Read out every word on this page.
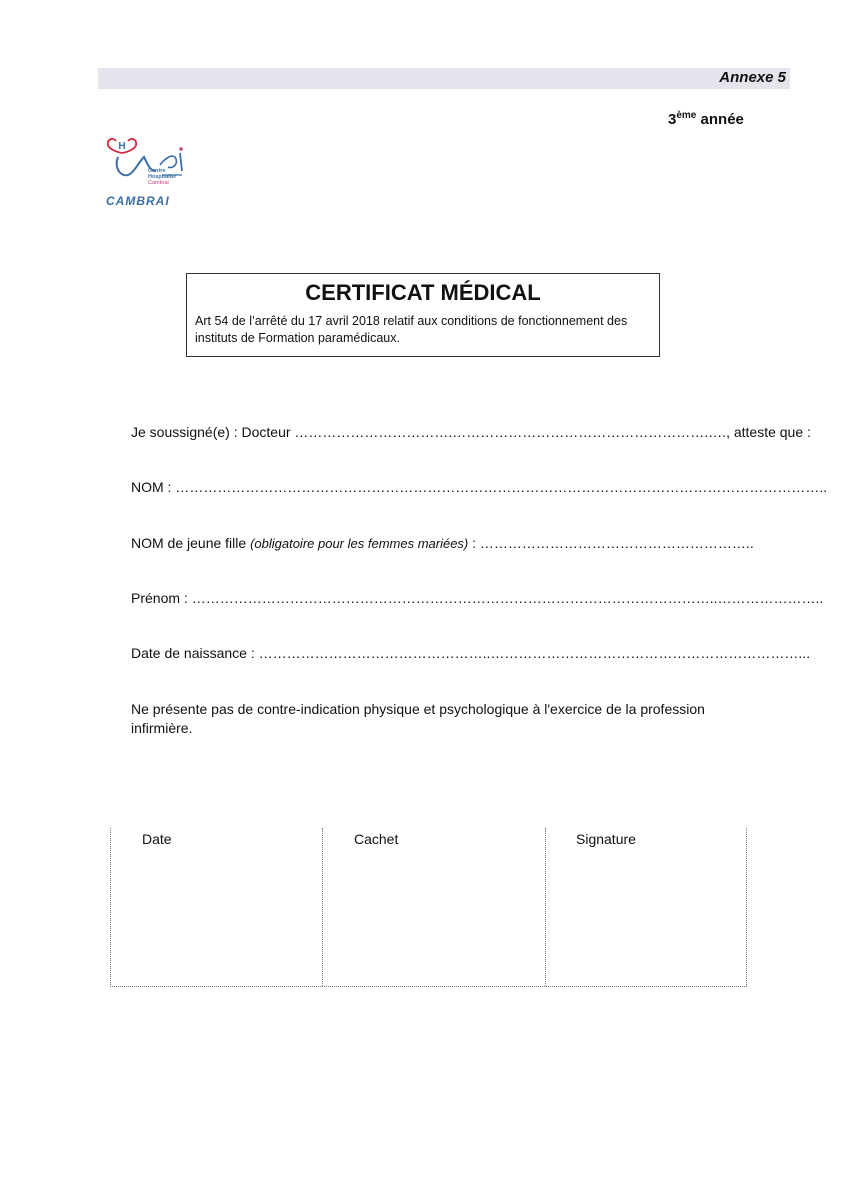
Annexe 5
3ème année
H
Centre
Hospitalier
Cambrai
CAMBRAI
CERTIFICAT MÉDICAL
Art 54 de l’arrêté du 17 avril 2018 relatif aux conditions de fonctionnement des instituts de Formation paramédicaux.
Je soussigné(e) : Docteur …………………………….……………………………………………….…., atteste que :
NOM : …………………………………………………………………………………………………………………………..
NOM de jeune fille (obligatoire pour les femmes mariées) : …………………………………………………..
Prénom : …………………………………………………………………………………………………..…………………..
Date de naissance : …………………………………………..…………………………………………………………...
Ne présente pas de contre-indication physique et psychologique à l'exercice de la profession infirmière.
Date	Cachet	Signature
